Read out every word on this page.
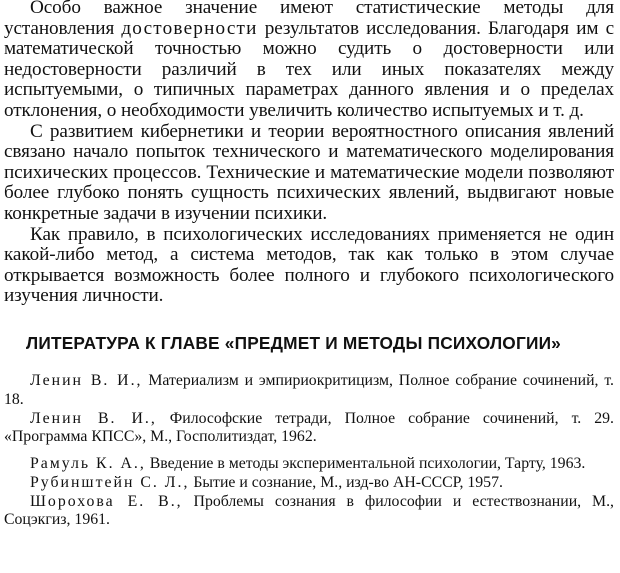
Особо важное значение имеют статистические методы для установления достоверности результатов исследования. Благодаря им с математической точностью можно судить о достоверности или недостоверности различий в тех или иных показателях между испытуемыми, о типичных параметрах данного явления и о пределах отклонения, о необходимости увеличить количество испытуемых и т. д.

С развитием кибернетики и теории вероятностного описания явлений связано начало попыток технического и математического моделирования психических процессов. Технические и математические модели позволяют более глубоко понять сущность психических явлений, выдвигают новые конкретные задачи в изучении психики.

Как правило, в психологических исследованиях применяется не один какой-либо метод, а система методов, так как только в этом случае открывается возможность более полного и глубокого психологического изучения личности.

ЛИТЕРАТУРА К ГЛАВЕ «ПРЕДМЕТ И МЕТОДЫ ПСИХОЛОГИИ»
Ленин В. И., Материализм и эмпириокритицизм, Полное собрание сочинений, т. 18.
Ленин В. И., Философские тетради, Полное собрание сочинений, т. 29. «Программа КПСС», М., Госполитиздат, 1962.
Рамуль К. А., Введение в методы экспериментальной психологии, Тарту, 1963.
Рубинштейн С. Л., Бытие и сознание, М., изд-во АН-СССР, 1957.
Шорохова Е. В., Проблемы сознания в философии и естествознании, М., Соцэкгиз, 1961.
